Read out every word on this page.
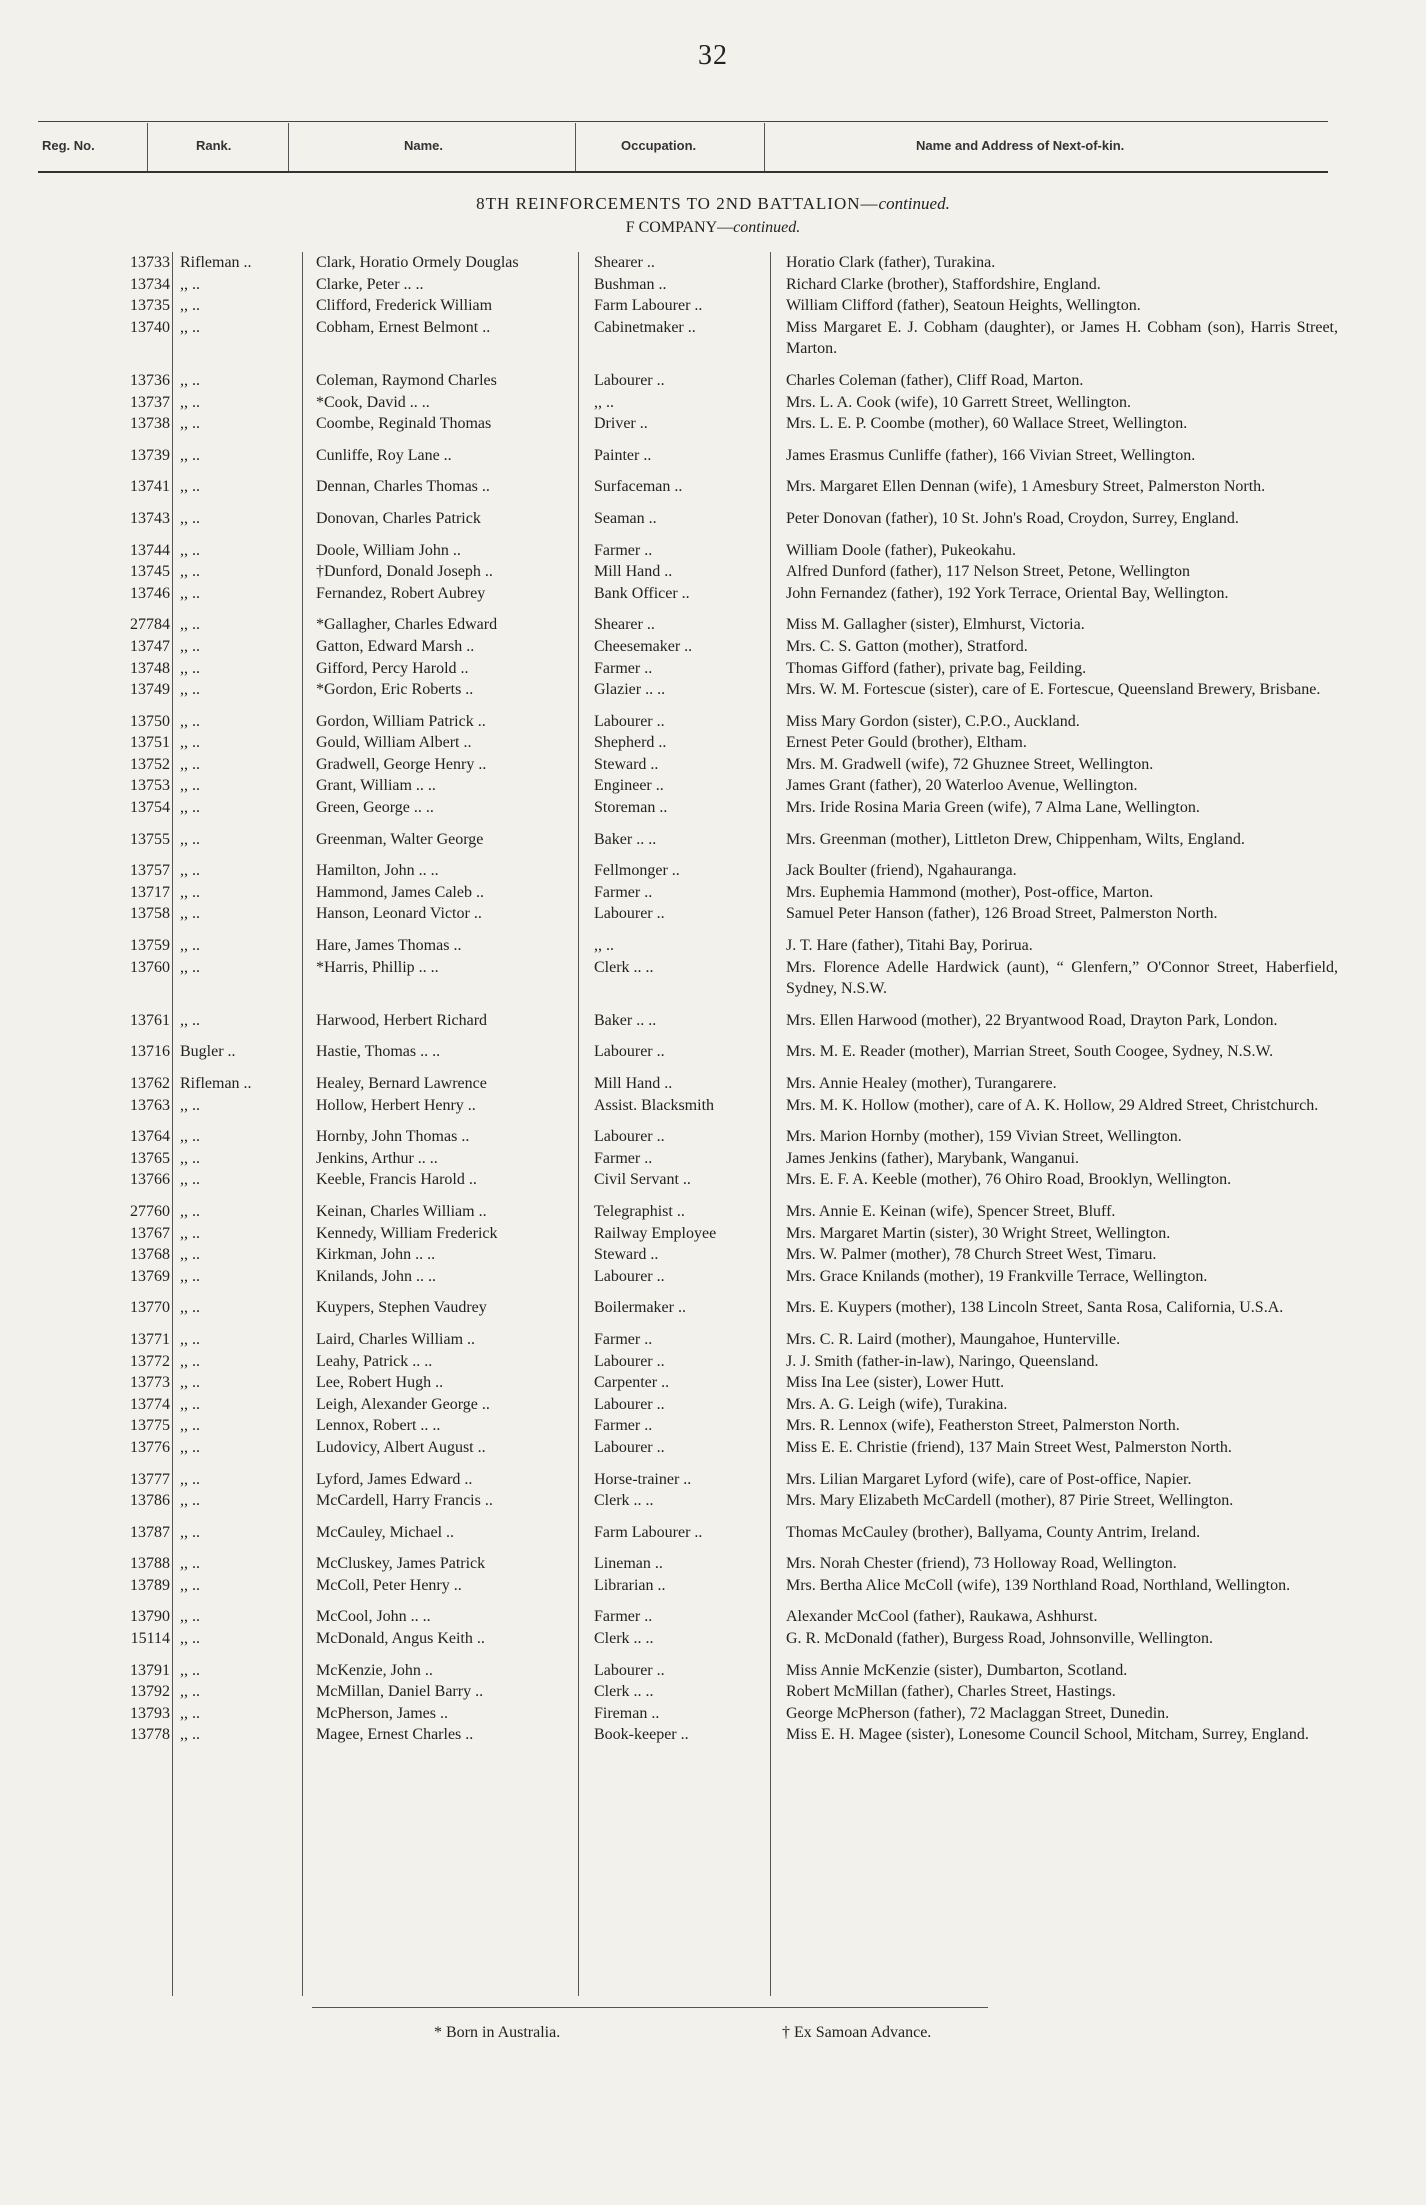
32
Reg. No.	Rank.	Name.	Occupation.	Name and Address of Next-of-kin.
8TH REINFORCEMENTS TO 2ND BATTALION—continued.
F COMPANY—continued.
13733 Rifleman ..	Clark, Horatio Ormely Douglas	Shearer ..	Horatio Clark (father), Turakina.
13734 ,, ..	Clarke, Peter .. ..	Bushman ..	Richard Clarke (brother), Staffordshire, England.
13735 ,, ..	Clifford, Frederick William	Farm Labourer ..	William Clifford (father), Seatoun Heights, Wellington.
13740 ,, ..	Cobham, Ernest Belmont ..	Cabinetmaker ..	Miss Margaret E. J. Cobham (daughter), or James H. Cobham (son), Harris Street, Marton.
13736 ,, ..	Coleman, Raymond Charles	Labourer ..	Charles Coleman (father), Cliff Road, Marton.
13737 ,, ..	*Cook, David .. ..	,, ..	Mrs. L. A. Cook (wife), 10 Garrett Street, Wellington.
13738 ,, ..	Coombe, Reginald Thomas	Driver ..	Mrs. L. E. P. Coombe (mother), 60 Wallace Street, Wellington.
13739 ,, ..	Cunliffe, Roy Lane ..	Painter ..	James Erasmus Cunliffe (father), 166 Vivian Street, Wellington.
13741 ,, ..	Dennan, Charles Thomas ..	Surfaceman ..	Mrs. Margaret Ellen Dennan (wife), 1 Amesbury Street, Palmerston North.
13743 ,, ..	Donovan, Charles Patrick	Seaman ..	Peter Donovan (father), 10 St. John's Road, Croydon, Surrey, England.
13744 ,, ..	Doole, William John ..	Farmer ..	William Doole (father), Pukeokahu.
13745 ,, ..	†Dunford, Donald Joseph ..	Mill Hand ..	Alfred Dunford (father), 117 Nelson Street, Petone, Wellington
13746 ,, ..	Fernandez, Robert Aubrey	Bank Officer ..	John Fernandez (father), 192 York Terrace, Oriental Bay, Wellington.
27784 ,, ..	*Gallagher, Charles Edward	Shearer ..	Miss M. Gallagher (sister), Elmhurst, Victoria.
13747 ,, ..	Gatton, Edward Marsh ..	Cheesemaker ..	Mrs. C. S. Gatton (mother), Stratford.
13748 ,, ..	Gifford, Percy Harold ..	Farmer ..	Thomas Gifford (father), private bag, Feilding.
13749 ,, ..	*Gordon, Eric Roberts ..	Glazier .. ..	Mrs. W. M. Fortescue (sister), care of E. Fortescue, Queensland Brewery, Brisbane.
13750 ,, ..	Gordon, William Patrick ..	Labourer ..	Miss Mary Gordon (sister), C.P.O., Auckland.
13751 ,, ..	Gould, William Albert ..	Shepherd ..	Ernest Peter Gould (brother), Eltham.
13752 ,, ..	Gradwell, George Henry ..	Steward ..	Mrs. M. Gradwell (wife), 72 Ghuznee Street, Wellington.
13753 ,, ..	Grant, William .. ..	Engineer ..	James Grant (father), 20 Waterloo Avenue, Wellington.
13754 ,, ..	Green, George .. ..	Storeman ..	Mrs. Iride Rosina Maria Green (wife), 7 Alma Lane, Wellington.
13755 ,, ..	Greenman, Walter George	Baker .. ..	Mrs. Greenman (mother), Littleton Drew, Chippenham, Wilts, England.
13757 ,, ..	Hamilton, John .. ..	Fellmonger ..	Jack Boulter (friend), Ngahauranga.
13717 ,, ..	Hammond, James Caleb ..	Farmer ..	Mrs. Euphemia Hammond (mother), Post-office, Marton.
13758 ,, ..	Hanson, Leonard Victor ..	Labourer ..	Samuel Peter Hanson (father), 126 Broad Street, Palmerston North.
13759 ,, ..	Hare, James Thomas ..	,, ..	J. T. Hare (father), Titahi Bay, Porirua.
13760 ,, ..	*Harris, Phillip .. ..	Clerk .. ..	Mrs. Florence Adelle Hardwick (aunt), “ Glenfern,” O'Connor Street, Haberfield, Sydney, N.S.W.
13761 ,, ..	Harwood, Herbert Richard	Baker .. ..	Mrs. Ellen Harwood (mother), 22 Bryantwood Road, Drayton Park, London.
13716 Bugler ..	Hastie, Thomas .. ..	Labourer ..	Mrs. M. E. Reader (mother), Marrian Street, South Coogee, Sydney, N.S.W.
13762 Rifleman ..	Healey, Bernard Lawrence	Mill Hand ..	Mrs. Annie Healey (mother), Turangarere.
13763 ,, ..	Hollow, Herbert Henry ..	Assist. Blacksmith	Mrs. M. K. Hollow (mother), care of A. K. Hollow, 29 Aldred Street, Christchurch.
13764 ,, ..	Hornby, John Thomas ..	Labourer ..	Mrs. Marion Hornby (mother), 159 Vivian Street, Wellington.
13765 ,, ..	Jenkins, Arthur .. ..	Farmer ..	James Jenkins (father), Marybank, Wanganui.
13766 ,, ..	Keeble, Francis Harold ..	Civil Servant ..	Mrs. E. F. A. Keeble (mother), 76 Ohiro Road, Brooklyn, Wellington.
27760 ,, ..	Keinan, Charles William ..	Telegraphist ..	Mrs. Annie E. Keinan (wife), Spencer Street, Bluff.
13767 ,, ..	Kennedy, William Frederick	Railway Employee	Mrs. Margaret Martin (sister), 30 Wright Street, Wellington.
13768 ,, ..	Kirkman, John .. ..	Steward ..	Mrs. W. Palmer (mother), 78 Church Street West, Timaru.
13769 ,, ..	Knilands, John .. ..	Labourer ..	Mrs. Grace Knilands (mother), 19 Frankville Terrace, Wellington.
13770 ,, ..	Kuypers, Stephen Vaudrey	Boilermaker ..	Mrs. E. Kuypers (mother), 138 Lincoln Street, Santa Rosa, California, U.S.A.
13771 ,, ..	Laird, Charles William ..	Farmer ..	Mrs. C. R. Laird (mother), Maungahoe, Hunterville.
13772 ,, ..	Leahy, Patrick .. ..	Labourer ..	J. J. Smith (father-in-law), Naringo, Queensland.
13773 ,, ..	Lee, Robert Hugh ..	Carpenter ..	Miss Ina Lee (sister), Lower Hutt.
13774 ,, ..	Leigh, Alexander George ..	Labourer ..	Mrs. A. G. Leigh (wife), Turakina.
13775 ,, ..	Lennox, Robert .. ..	Farmer ..	Mrs. R. Lennox (wife), Featherston Street, Palmerston North.
13776 ,, ..	Ludovicy, Albert August ..	Labourer ..	Miss E. E. Christie (friend), 137 Main Street West, Palmerston North.
13777 ,, ..	Lyford, James Edward ..	Horse-trainer ..	Mrs. Lilian Margaret Lyford (wife), care of Post-office, Napier.
13786 ,, ..	McCardell, Harry Francis ..	Clerk .. ..	Mrs. Mary Elizabeth McCardell (mother), 87 Pirie Street, Wellington.
13787 ,, ..	McCauley, Michael ..	Farm Labourer ..	Thomas McCauley (brother), Ballyama, County Antrim, Ireland.
13788 ,, ..	McCluskey, James Patrick	Lineman ..	Mrs. Norah Chester (friend), 73 Holloway Road, Wellington.
13789 ,, ..	McColl, Peter Henry ..	Librarian ..	Mrs. Bertha Alice McColl (wife), 139 Northland Road, Northland, Wellington.
13790 ,, ..	McCool, John .. ..	Farmer ..	Alexander McCool (father), Raukawa, Ashhurst.
15114 ,, ..	McDonald, Angus Keith ..	Clerk .. ..	G. R. McDonald (father), Burgess Road, Johnsonville, Wellington.
13791 ,, ..	McKenzie, John ..	Labourer ..	Miss Annie McKenzie (sister), Dumbarton, Scotland.
13792 ,, ..	McMillan, Daniel Barry ..	Clerk .. ..	Robert McMillan (father), Charles Street, Hastings.
13793 ,, ..	McPherson, James ..	Fireman ..	George McPherson (father), 72 Maclaggan Street, Dunedin.
13778 ,, ..	Magee, Ernest Charles ..	Book-keeper ..	Miss E. H. Magee (sister), Lonesome Council School, Mitcham, Surrey, England.
* Born in Australia.	† Ex Samoan Advance.
